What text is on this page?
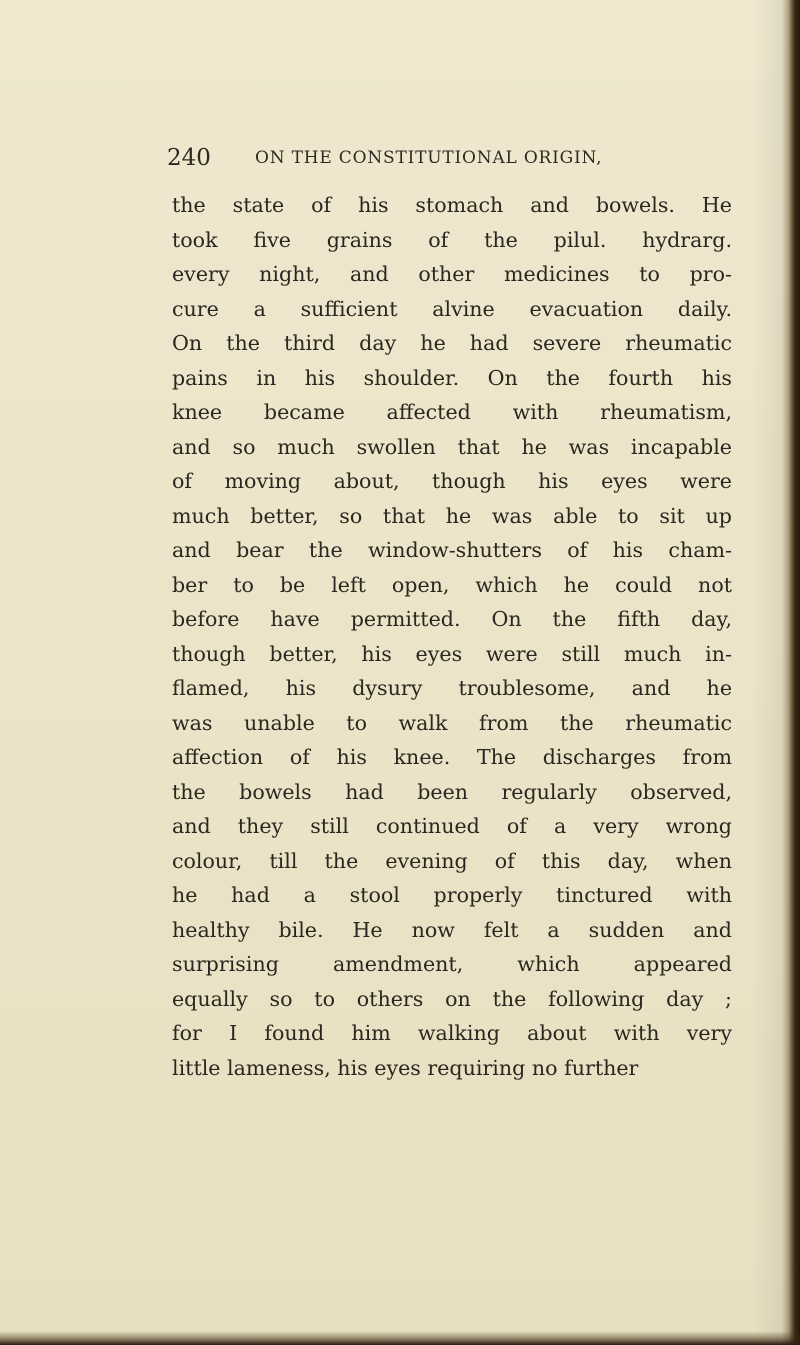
240	ON THE CONSTITUTIONAL ORIGIN,
the state of his stomach and bowels. He
took five grains of the pilul. hydrarg.
every night, and other medicines to pro-
cure a sufficient alvine evacuation daily.
On the third day he had severe rheumatic
pains in his shoulder. On the fourth his
knee became affected with rheumatism,
and so much swollen that he was incapable
of moving about, though his eyes were
much better, so that he was able to sit up
and bear the window-shutters of his cham-
ber to be left open, which he could not
before have permitted. On the fifth day,
though better, his eyes were still much in-
flamed, his dysury troublesome, and he
was unable to walk from the rheumatic
affection of his knee. The discharges from
the bowels had been regularly observed,
and they still continued of a very wrong
colour, till the evening of this day, when
he had a stool properly tinctured with
healthy bile. He now felt a sudden and
surprising amendment, which appeared
equally so to others on the following day ;
for I found him walking about with very
little lameness, his eyes requiring no further
